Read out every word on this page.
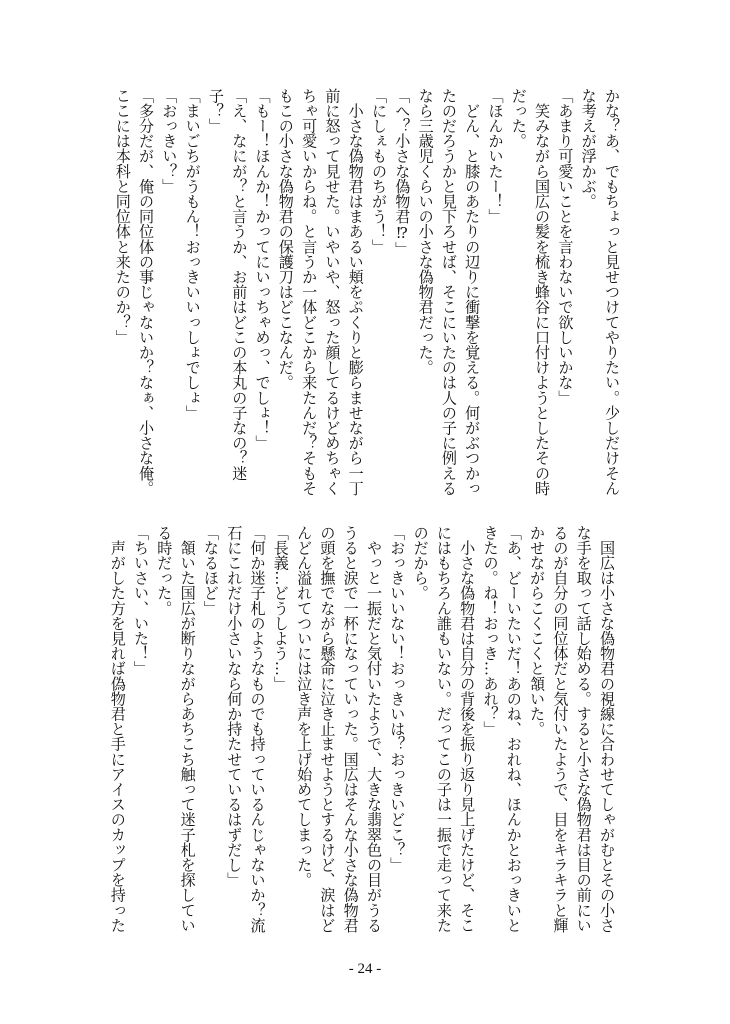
かな？あ、でもちょっと見せつけてやりたい。少しだけそん
な考えが浮かぶ。
「あまり可愛いことを言わないで欲しいかな」
　笑みながら国広の髪を梳き蜂谷に口付けようとしたその時
だった。
「ほんかいたー！」
　どん、と膝のあたりの辺りに衝撃を覚える。何がぶつかっ
たのだろうかと見下ろせば、そこにいたのは人の子に例える
なら三歳児くらいの小さな偽物君だった。
「へ？小さな偽物君⁉」
「にしぇものちがう！」
　小さな偽物君はまあるい頬をぷくりと膨らませながら一丁
前に怒って見せた。いやいや、怒った顔してるけどめちゃく
ちゃ可愛いからね。と言うか一体どこから来たんだ？そもそ
もこの小さな偽物君の保護刀はどこなんだ。
「もー！ほんか！かってにいっちゃめっ、でしょ！」
「え、なにが？と言うか、お前はどこの本丸の子なの？迷
子？」
「まいごちがうもん！おっきいいっしょでしょ」
「おっきい？」
「多分だが、俺の同位体の事じゃないか？なぁ、小さな俺。
ここには本科と同位体と来たのか？」
　国広は小さな偽物君の視線に合わせてしゃがむとその小さ
な手を取って話し始める。すると小さな偽物君は目の前にい
るのが自分の同位体だと気付いたようで、目をキラキラと輝
かせながらこくこくと頷いた。
「あ、どーいたいだ！あのね、おれね、ほんかとおっきいと
きたの。ね！おっき…あれ？」
　小さな偽物君は自分の背後を振り返り見上げたけど、そこ
にはもちろん誰もいない。だってこの子は一振で走って来た
のだから。
「おっきいいない！おっきいは？おっきいどこ？」
　やっと一振だと気付いたようで、大きな翡翠色の目がうる
うると涙で一杯になっていった。国広はそんな小さな偽物君
の頭を撫でながら懸命に泣き止ませようとするけど、涙はど
んどん溢れてついには泣き声を上げ始めてしまった。
「長義…どうしよう…」
「何か迷子札のようなものでも持っているんじゃないか？流
石にこれだけ小さいなら何か持たせているはずだし」
「なるほど」
　頷いた国広が断りながらあちこち触って迷子札を探してい
る時だった。
「ちいさい、いた！」
　声がした方を見れば偽物君と手にアイスのカップを持った
- 24 -
